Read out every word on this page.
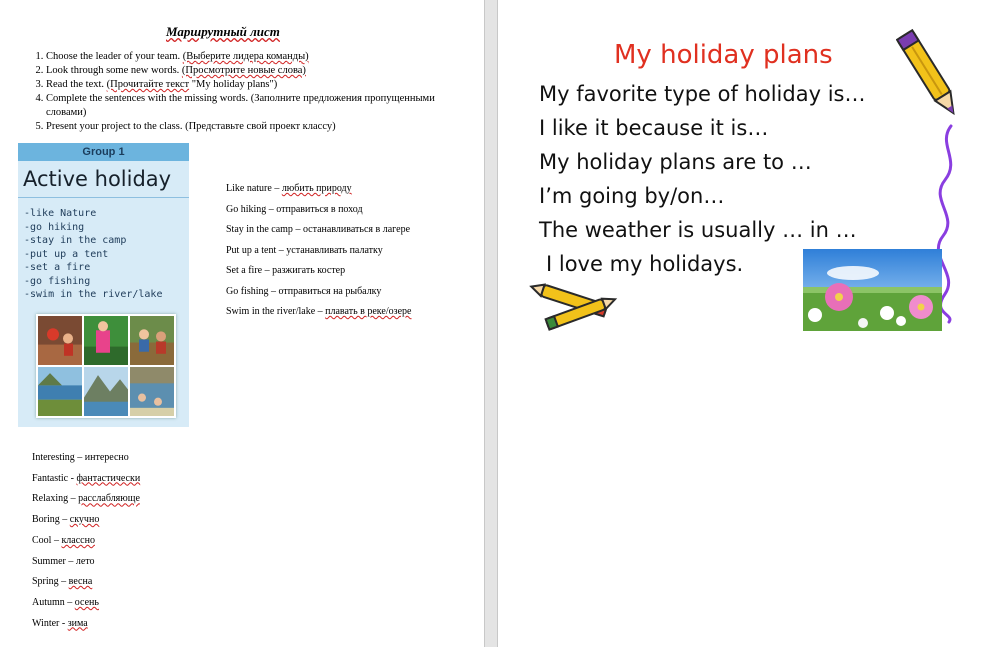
Маршрутный лист
1. Choose the leader of your team. (Выберите лидера команды)
2. Look through some new words. (Просмотрите новые слова)
3. Read the text. (Прочитайте текст "My holiday plans")
4. Complete the sentences with the missing words. (Заполните предложения пропущенными словами)
5. Present your project to the class. (Представьте свой проект классу)
Group 1
Active holiday
-like Nature
-go hiking
-stay in the camp
-put up a tent
-set a fire
-go fishing
-swim in the river/lake
Like nature – любить природу
Go hiking – отправиться в поход
Stay in the camp – останавливаться в лагере
Put up a tent – устанавливать палатку
Set a fire – разжигать костер
Go fishing – отправиться на рыбалку
Swim in the river/lake – плавать в реке/озере
Interesting – интересно
Fantastic - фантастически
Relaxing – расслабляюще
Boring – скучно
Cool – классно
Summer – лето
Spring – весна
Autumn – осень
Winter - зима
My holiday plans
My favorite type of holiday is…
I like it because it is…
My holiday plans are to …
I’m going by/on…
The weather is usually … in …
I love my holidays.
